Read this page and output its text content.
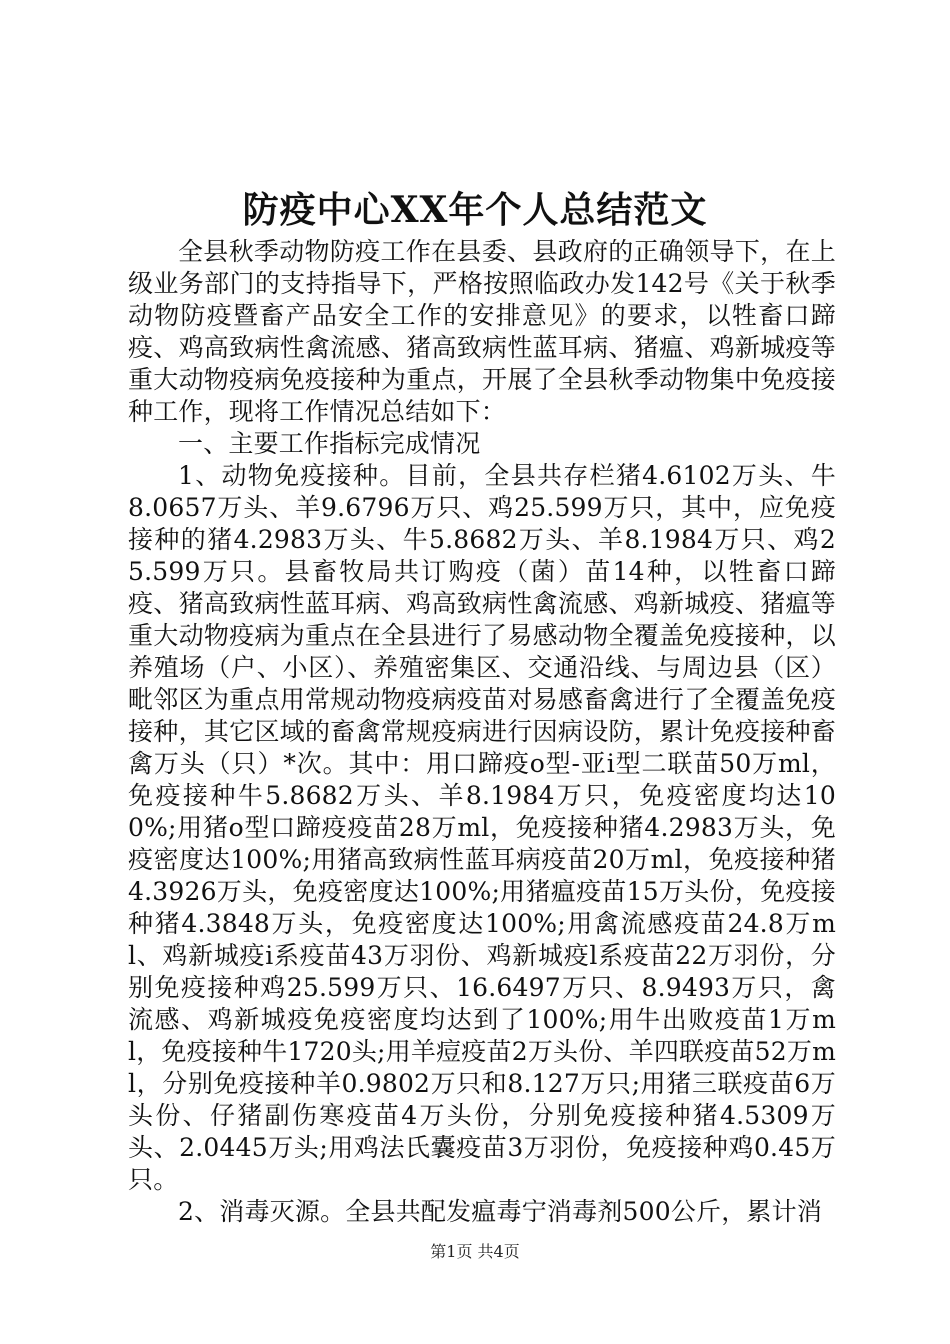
防疫中心XX年个人总结范文

全县秋季动物防疫工作在县委、县政府的正确领导下，在上级业务部门的支持指导下，严格按照临政办发142号《关于秋季动物防疫暨畜产品安全工作的安排意见》的要求，以牲畜口蹄疫、鸡高致病性禽流感、猪高致病性蓝耳病、猪瘟、鸡新城疫等重大动物疫病免疫接种为重点，开展了全县秋季动物集中免疫接种工作，现将工作情况总结如下：

一、主要工作指标完成情况

1、动物免疫接种。目前，全县共存栏猪4.6102万头、牛8.0657万头、羊9.6796万只、鸡25.599万只，其中，应免疫接种的猪4.2983万头、牛5.8682万头、羊8.1984万只、鸡25.599万只。县畜牧局共订购疫（菌）苗14种，以牲畜口蹄疫、猪高致病性蓝耳病、鸡高致病性禽流感、鸡新城疫、猪瘟等重大动物疫病为重点在全县进行了易感动物全覆盖免疫接种，以养殖场（户、小区）、养殖密集区、交通沿线、与周边县（区）毗邻区为重点用常规动物疫病疫苗对易感畜禽进行了全覆盖免疫接种，其它区域的畜禽常规疫病进行因病设防，累计免疫接种畜禽万头（只）*次。其中：用口蹄疫o型-亚ⅰ型二联苗50万ml，免疫接种牛5.8682万头、羊8.1984万只，免疫密度均达100%;用猪o型口蹄疫疫苗28万ml，免疫接种猪4.2983万头，免疫密度达100%;用猪高致病性蓝耳病疫苗20万ml，免疫接种猪4.3926万头，免疫密度达100%;用猪瘟疫苗15万头份，免疫接种猪4.3848万头，免疫密度达100%;用禽流感疫苗24.8万ml、鸡新城疫ⅰ系疫苗43万羽份、鸡新城疫l系疫苗22万羽份，分别免疫接种鸡25.599万只、16.6497万只、8.9493万只，禽流感、鸡新城疫免疫密度均达到了100%;用牛出败疫苗1万ml，免疫接种牛1720头;用羊痘疫苗2万头份、羊四联疫苗52万ml，分别免疫接种羊0.9802万只和8.127万只;用猪三联疫苗6万头份、仔猪副伤寒疫苗4万头份，分别免疫接种猪4.5309万头、2.0445万头;用鸡法氏囊疫苗3万羽份，免疫接种鸡0.45万只。

2、消毒灭源。全县共配发瘟毒宁消毒剂500公斤，累计消

第1页 共4页
